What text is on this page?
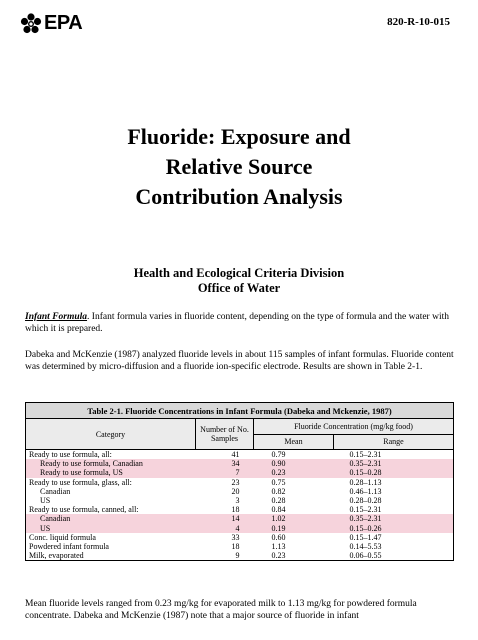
EPA	820-R-10-015
Fluoride: Exposure and
Relative Source
Contribution Analysis
Health and Ecological Criteria Division
Office of Water
Infant Formula. Infant formula varies in fluoride content, depending on the type of formula and the water with which it is prepared.
Dabeka and McKenzie (1987) analyzed fluoride levels in about 115 samples of infant formulas. Fluoride content was determined by micro-diffusion and a fluoride ion-specific electrode. Results are shown in Table 2-1.
Table 2-1. Fluoride Concentrations in Infant Formula (Dabeka and Mckenzie, 1987)			
Category	Number of No. Samples	Fluoride Concentration (mg/kg food)	
		Mean	Range
Ready to use formula, all:	41	0.79	0.15–2.31
Ready to use formula, Canadian	34	0.90	0.35–2.31
Ready to use formula, US	7	0.23	0.15–0.28
Ready to use formula, glass, all:	23	0.75	0.28–1.13
Canadian	20	0.82	0.46–1.13
US	3	0.28	0.28–0.28
Ready to use formula, canned, all:	18	0.84	0.15–2.31
Canadian	14	1.02	0.35–2.31
US	4	0.19	0.15–0.26
Conc. liquid formula	33	0.60	0.15–1.47
Powdered infant formula	18	1.13	0.14–5.53
Milk, evaporated	9	0.23	0.06–0.55
Mean fluoride levels ranged from 0.23 mg/kg for evaporated milk to 1.13 mg/kg for powdered formula concentrate. Dabeka and McKenzie (1987) note that a major source of fluoride in infant
